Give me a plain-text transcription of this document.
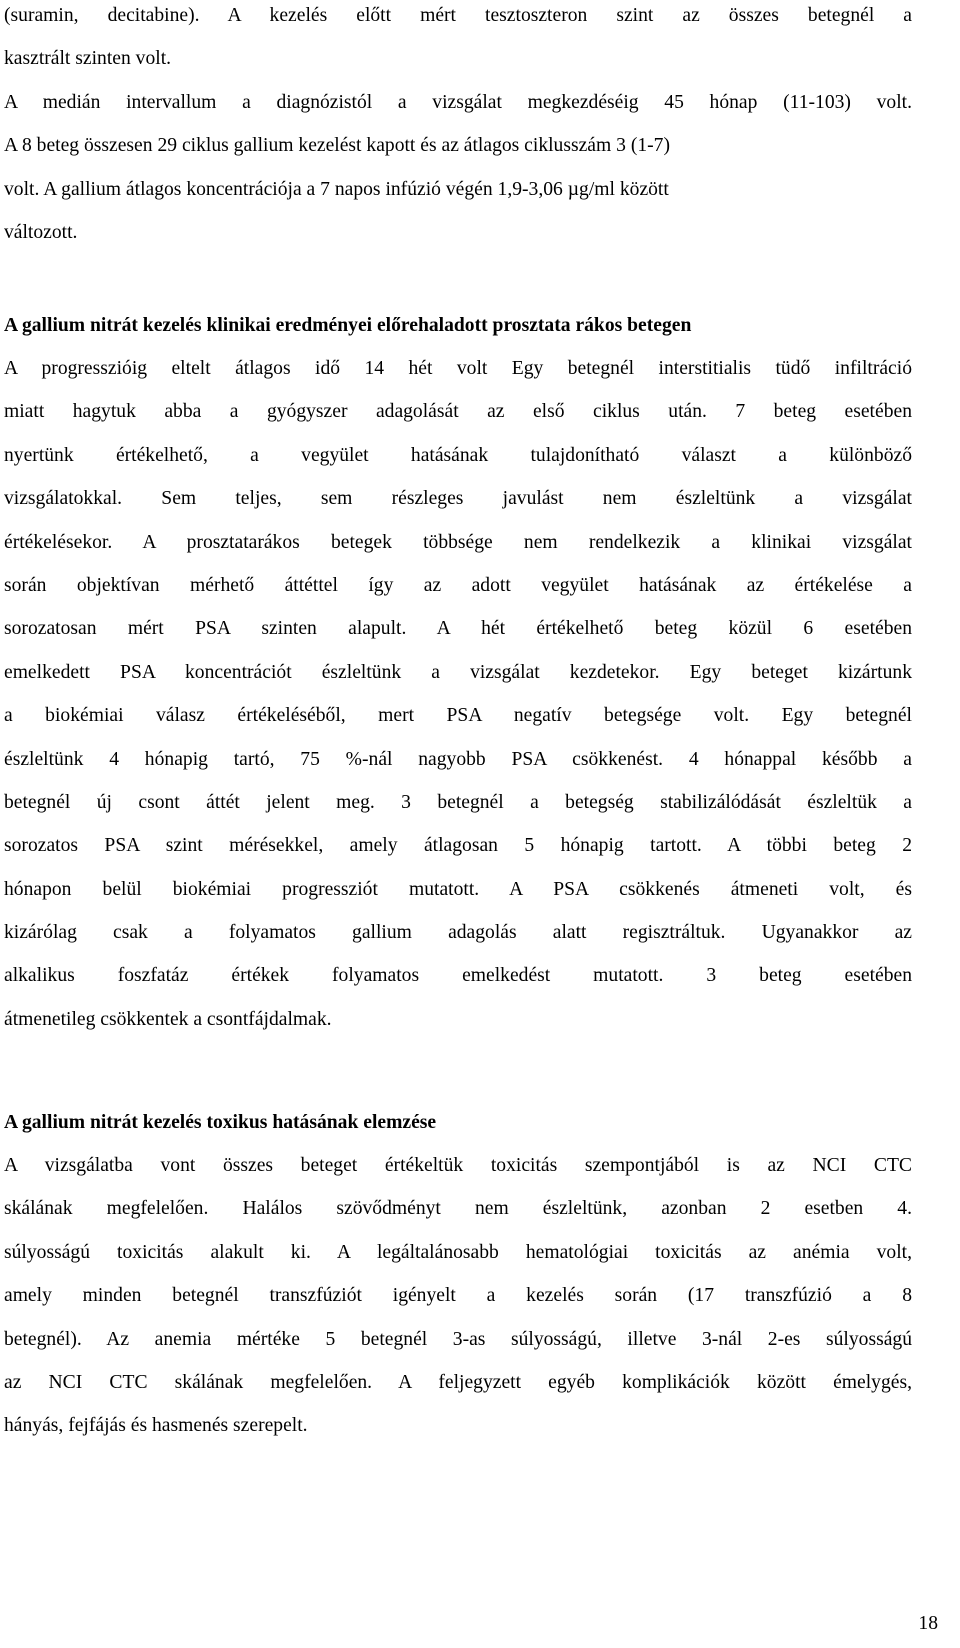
(suramin, decitabine). A kezelés előtt mért tesztoszteron szint az összes betegnél a
kasztrált szinten volt.
A medián intervallum a diagnózistól a vizsgálat megkezdéséig 45 hónap (11-103) volt.
A 8 beteg összesen 29 ciklus gallium kezelést kapott és az átlagos ciklusszám 3 (1-7)
volt. A gallium átlagos koncentrációja a 7 napos infúzió végén 1,9-3,06 µg/ml között
változott.
A gallium nitrát kezelés klinikai eredményei előrehaladott prosztata rákos betegen
A progresszióig eltelt átlagos idő 14 hét volt Egy betegnél interstitialis tüdő infiltráció
miatt hagytuk abba a gyógyszer adagolását az első ciklus után. 7 beteg esetében
nyertünk értékelhető, a vegyület hatásának tulajdonítható választ a különböző
vizsgálatokkal. Sem teljes, sem részleges javulást nem észleltünk a vizsgálat
értékelésekor. A prosztatarákos betegek többsége nem rendelkezik a klinikai vizsgálat
során objektívan mérhető áttéttel így az adott vegyület hatásának az értékelése a
sorozatosan mért PSA szinten alapult. A hét értékelhető beteg közül 6 esetében
emelkedett PSA koncentrációt észleltünk a vizsgálat kezdetekor. Egy beteget kizártunk
a biokémiai válasz értékeléséből, mert PSA negatív betegsége volt. Egy betegnél
észleltünk 4 hónapig tartó, 75 %-nál nagyobb PSA csökkenést. 4 hónappal később a
betegnél új csont áttét jelent meg. 3 betegnél a betegség stabilizálódását észleltük a
sorozatos PSA szint mérésekkel, amely átlagosan 5 hónapig tartott. A többi beteg 2
hónapon belül biokémiai progressziót mutatott. A PSA csökkenés átmeneti volt, és
kizárólag csak a folyamatos gallium adagolás alatt regisztráltuk. Ugyanakkor az
alkalikus foszfatáz értékek folyamatos emelkedést mutatott. 3 beteg esetében
átmenetileg csökkentek a csontfájdalmak.
A gallium nitrát kezelés toxikus hatásának elemzése
A vizsgálatba vont összes beteget értékeltük toxicitás szempontjából is az NCI CTC
skálának megfelelően. Halálos szövődményt nem észleltünk, azonban 2 esetben 4.
súlyosságú toxicitás alakult ki. A legáltalánosabb hematológiai toxicitás az anémia volt,
amely minden betegnél transzfúziót igényelt a kezelés során (17 transzfúzió a 8
betegnél). Az anemia mértéke 5 betegnél 3-as súlyosságú, illetve 3-nál 2-es súlyosságú
az NCI CTC skálának megfelelően. A feljegyzett egyéb komplikációk között émelygés,
hányás, fejfájás és hasmenés szerepelt.
18
